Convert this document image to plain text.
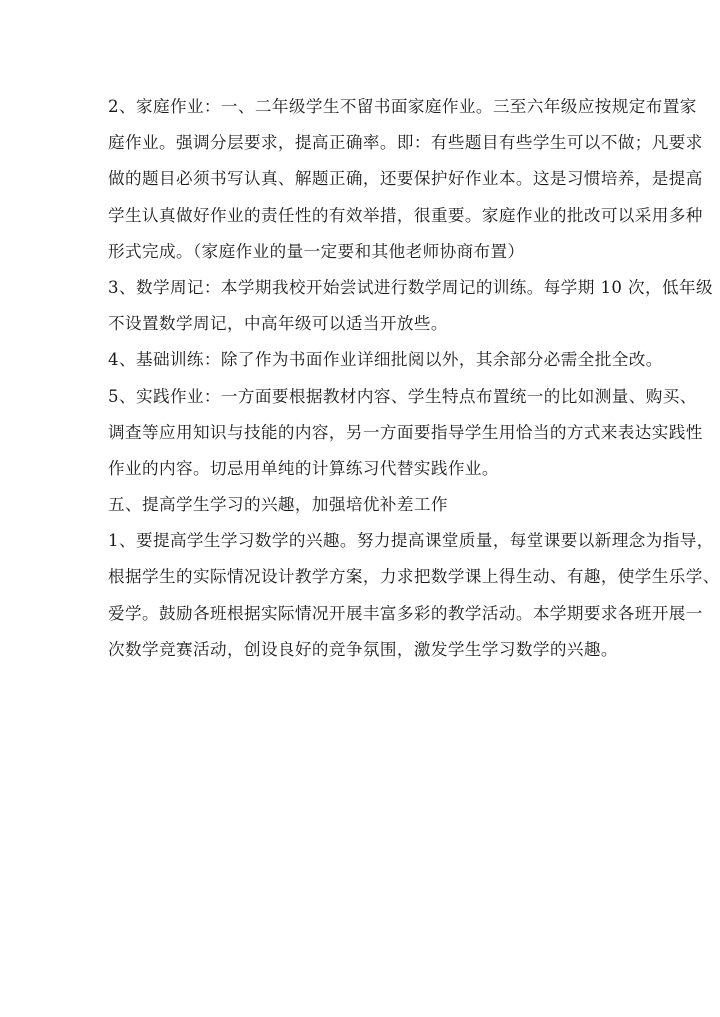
2、家庭作业：一、二年级学生不留书面家庭作业。三至六年级应按规定布置家
庭作业。强调分层要求，提高正确率。即：有些题目有些学生可以不做；凡要求
做的题目必须书写认真、解题正确，还要保护好作业本。这是习惯培养，是提高
学生认真做好作业的责任性的有效举措，很重要。家庭作业的批改可以采用多种
形式完成。（家庭作业的量一定要和其他老师协商布置）
3、数学周记：本学期我校开始尝试进行数学周记的训练。每学期 10 次，低年级
不设置数学周记，中高年级可以适当开放些。
4、基础训练：除了作为书面作业详细批阅以外，其余部分必需全批全改。
5、实践作业：一方面要根据教材内容、学生特点布置统一的比如测量、购买、
调查等应用知识与技能的内容，另一方面要指导学生用恰当的方式来表达实践性
作业的内容。切忌用单纯的计算练习代替实践作业。
五、提高学生学习的兴趣，加强培优补差工作
1、要提高学生学习数学的兴趣。努力提高课堂质量，每堂课要以新理念为指导，
根据学生的实际情况设计教学方案，力求把数学课上得生动、有趣，使学生乐学、
爱学。鼓励各班根据实际情况开展丰富多彩的教学活动。本学期要求各班开展一
次数学竞赛活动，创设良好的竞争氛围，激发学生学习数学的兴趣。
